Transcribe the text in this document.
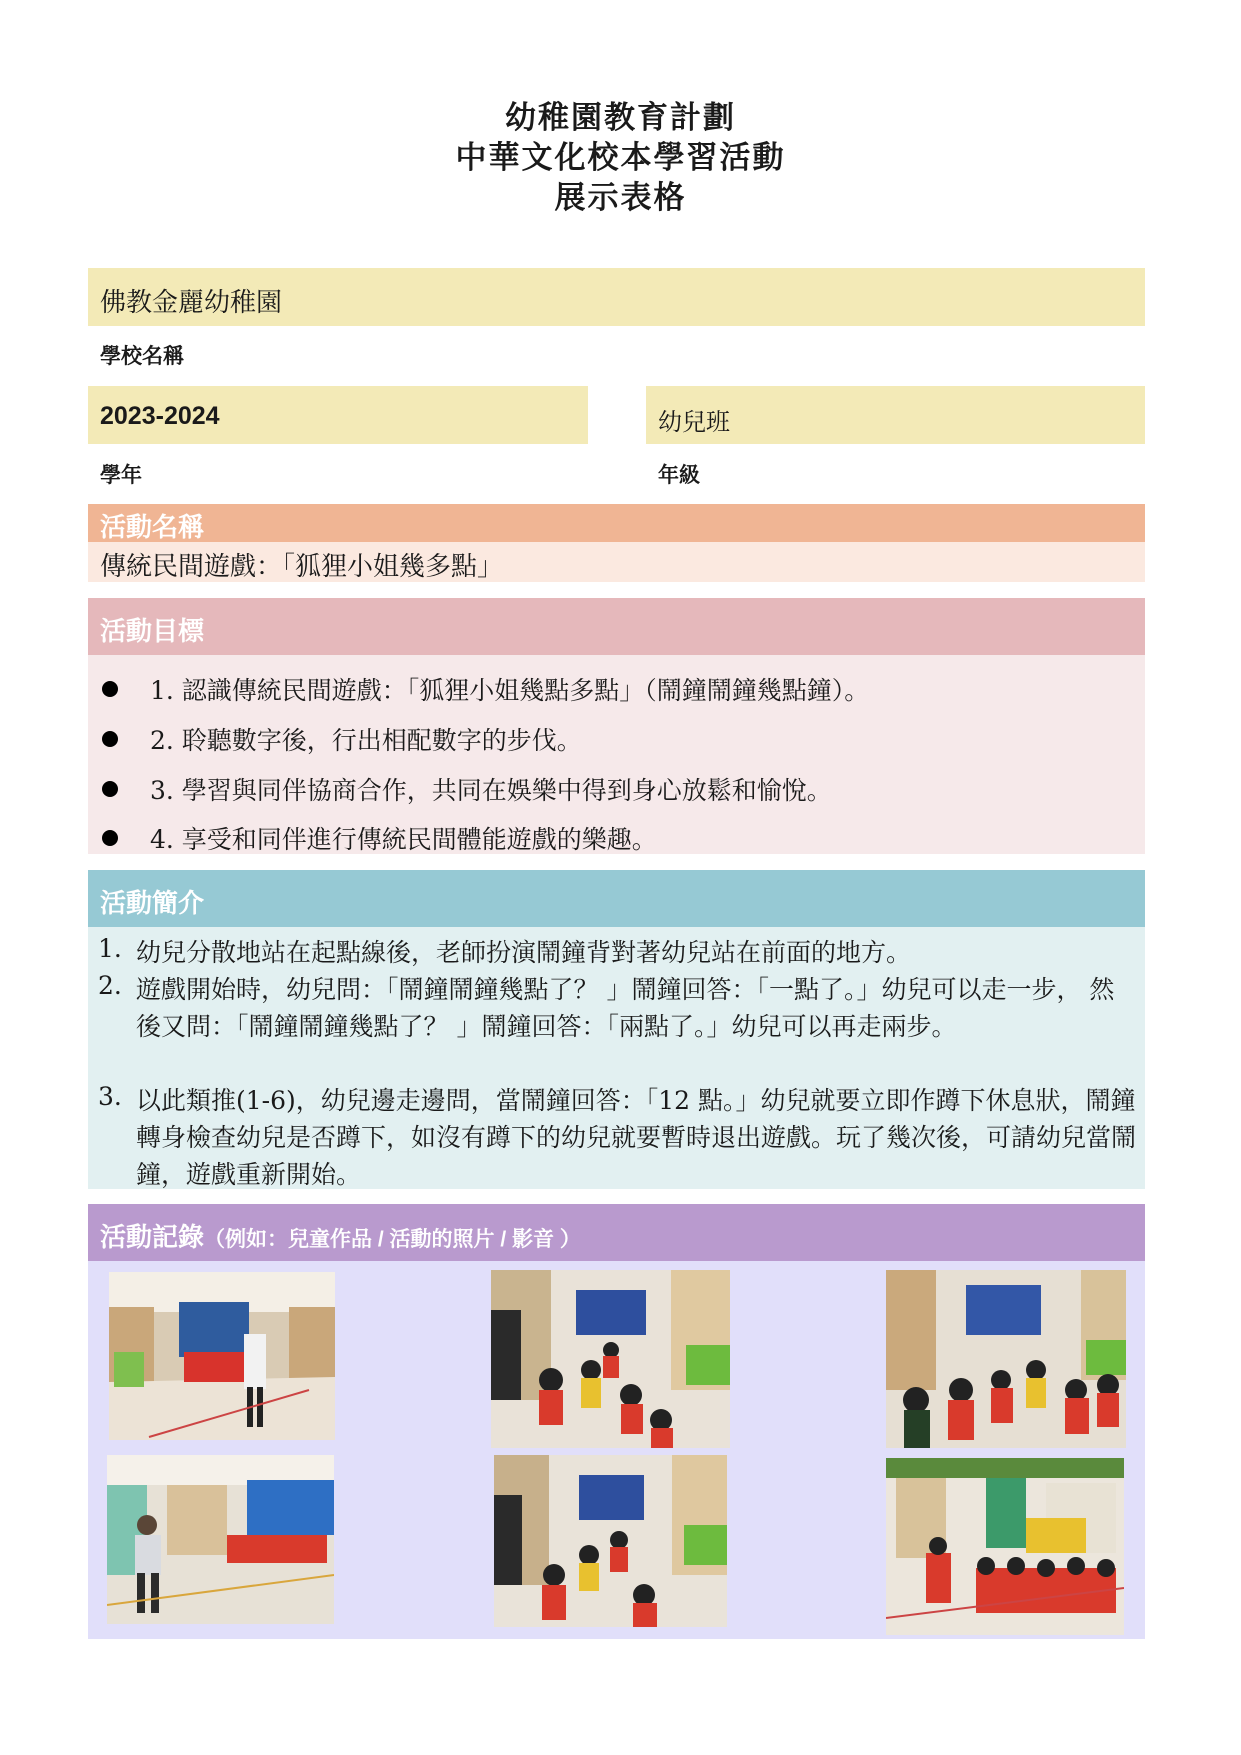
幼稚園教育計劃
中華文化校本學習活動
展示表格
佛教金麗幼稚園
學校名稱
2023-2024
學年
幼兒班
年級
活動名稱
傳統民間遊戲：「狐狸小姐幾多點」
活動目標
1. 認識傳統民間遊戲：「狐狸小姐幾點多點」（鬧鐘鬧鐘幾點鐘）。
2. 聆聽數字後，行出相配數字的步伐。
3. 學習與同伴協商合作，共同在娛樂中得到身心放鬆和愉悅。
4. 享受和同伴進行傳統民間體能遊戲的樂趣。
活動簡介
1. 幼兒分散地站在起點線後，老師扮演鬧鐘背對著幼兒站在前面的地方。
2. 遊戲開始時，幼兒問：「鬧鐘鬧鐘幾點了？ 」鬧鐘回答：「一點了。」幼兒可以走一步， 然後又問：「鬧鐘鬧鐘幾點了？ 」鬧鐘回答：「兩點了。」幼兒可以再走兩步。
3. 以此類推(1-6)，幼兒邊走邊問，當鬧鐘回答：「12 點。」幼兒就要立即作蹲下休息狀，鬧鐘轉身檢查幼兒是否蹲下，如沒有蹲下的幼兒就要暫時退出遊戲。玩了幾次後，可請幼兒當鬧鐘，遊戲重新開始。
活動記錄（例如：兒童作品 / 活動的照片 / 影音 ）
